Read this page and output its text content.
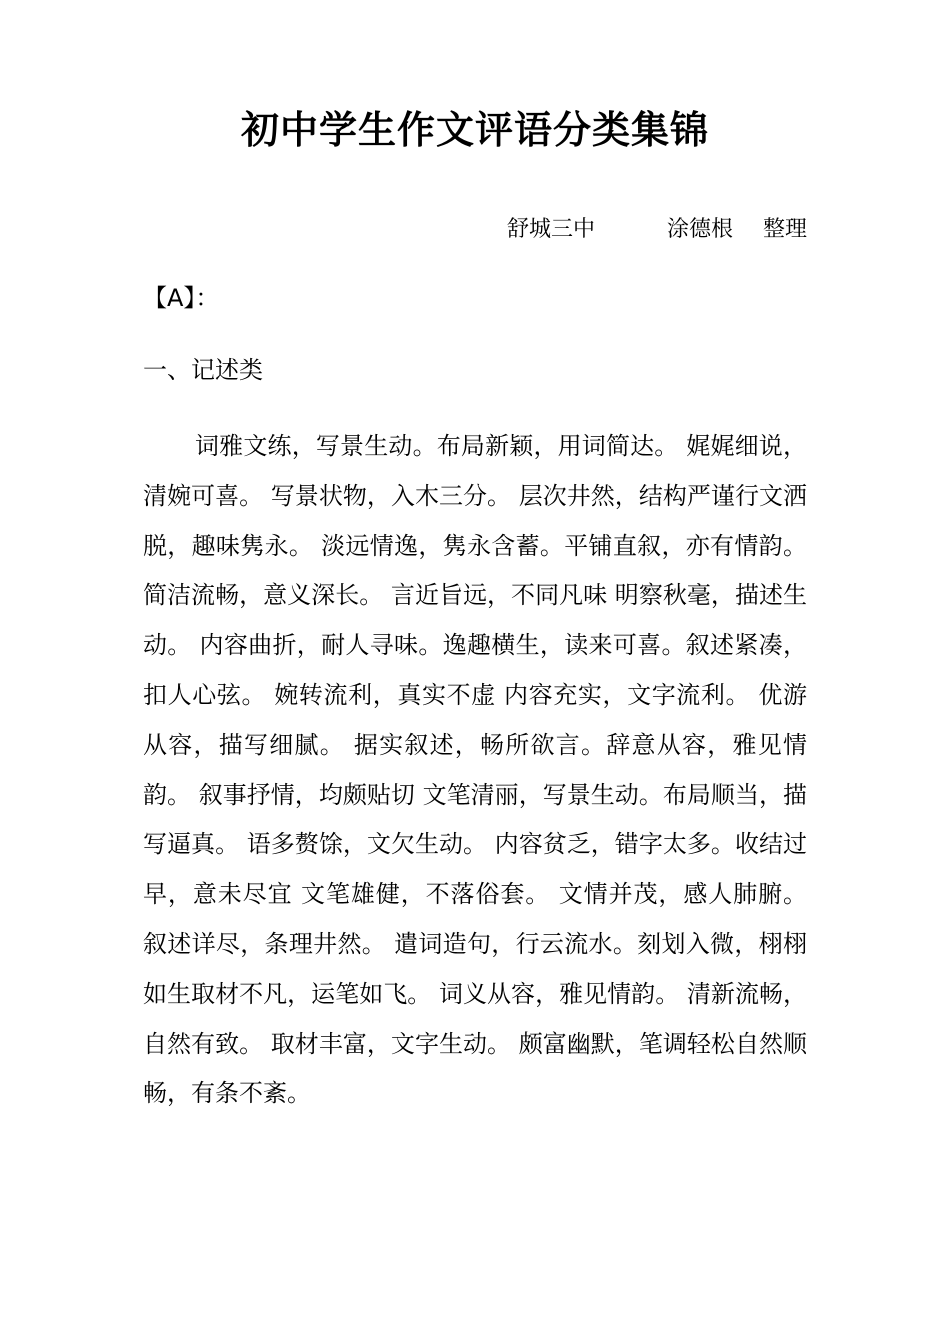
初中学生作文评语分类集锦
舒城三中	涂德根 整理
【A】：
一、记述类

词雅文练，写景生动。布局新颖，用词简达。 娓娓细说，清婉可喜。 写景状物，入木三分。 层次井然，结构严谨行文洒脱，趣味隽永。 淡远情逸，隽永含蓄。平铺直叙，亦有情韵。 简洁流畅，意义深长。 言近旨远，不同凡味 明察秋毫，描述生动。 内容曲折，耐人寻味。逸趣横生，读来可喜。叙述紧凑，扣人心弦。 婉转流利，真实不虚 内容充实，文字流利。 优游从容，描写细腻。 据实叙述，畅所欲言。辞意从容，雅见情韵。 叙事抒情，均颇贴切 文笔清丽，写景生动。布局顺当，描写逼真。 语多赘馀，文欠生动。 内容贫乏，错字太多。收结过早，意未尽宜 文笔雄健，不落俗套。 文情并茂，感人肺腑。 叙述详尽，条理井然。 遣词造句，行云流水。刻划入微，栩栩如生取材不凡，运笔如飞。 词义从容，雅见情韵。 清新流畅，自然有致。 取材丰富，文字生动。 颇富幽默，笔调轻松自然顺畅，有条不紊。
